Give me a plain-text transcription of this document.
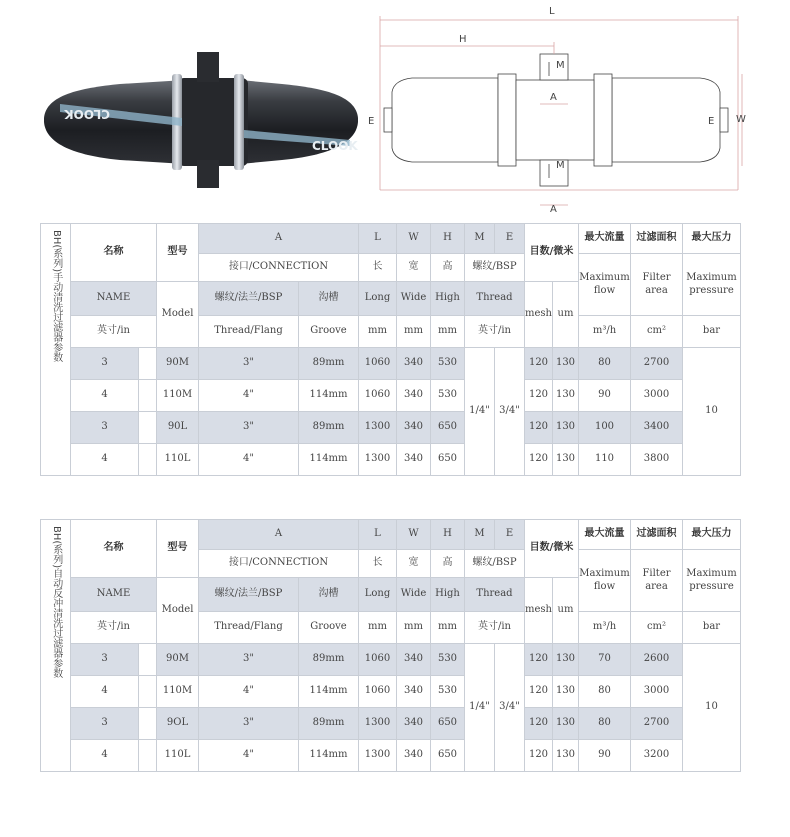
CLOOK
CLOOK
L
H
M
A
E	E W
M
A
BH(系列)手动清洗过滤器参数	名称		型号	A		L	W	H	M	E	目数/微米		最大流量	过滤面积	最大压力
				接口/CONNECTION		长	宽	高	螺纹/BSP				Maximum flow	Filter area	Maximum pressure
	NAME		Model	螺纹/法兰/BSP	沟槽	Long	Wide	High	Thread		mesh	um			
	英寸/in			Thread/Flang	Groove	mm	mm	mm	英寸/in				m³/h	cm²	bar
	3		90M	3"	89mm	1060	340	530	1/4"	3/4"	120	130	80	2700	10
	4		110M	4"	114mm	1060	340	530			120	130	90	3000	
	3		90L	3"	89mm	1300	340	650			120	130	100	3400	
	4		110L	4"	114mm	1300	340	650			120	130	110	3800	
BH(系列)自动反冲清洗过滤器参数	名称		型号	A		L	W	H	M	E	目数/微米		最大流量	过滤面积	最大压力
				接口/CONNECTION		长	宽	高	螺纹/BSP				Maximum flow	Filter area	Maximum pressure
	NAME		Model	螺纹/法兰/BSP	沟槽	Long	Wide	High	Thread		mesh	um			
	英寸/in			Thread/Flang	Groove	mm	mm	mm	英寸/in				m³/h	cm²	bar
	3		90M	3"	89mm	1060	340	530	1/4"	3/4"	120	130	70	2600	10
	4		110M	4"	114mm	1060	340	530			120	130	80	3000	
	3		9OL	3"	89mm	1300	340	650			120	130	80	2700	
	4		110L	4"	114mm	1300	340	650			120	130	90	3200	
